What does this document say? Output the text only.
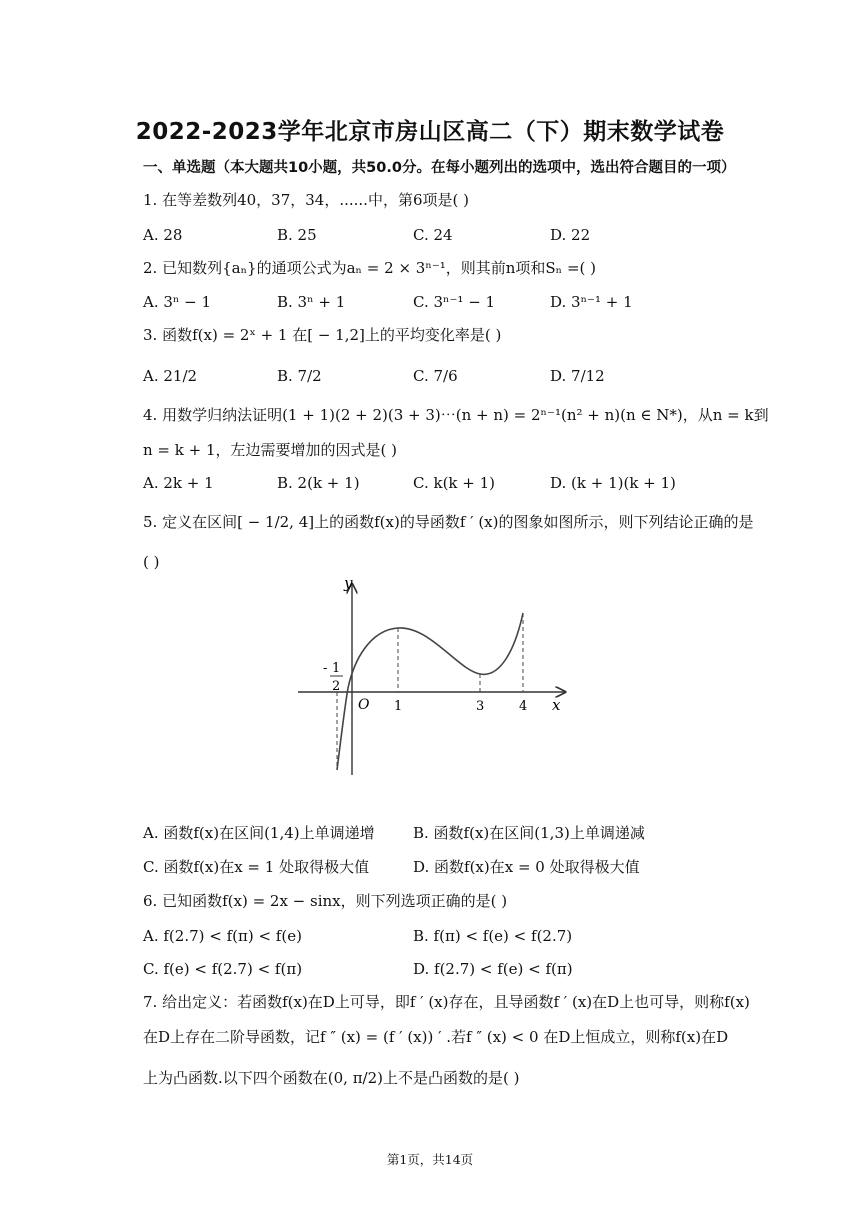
2022-2023学年北京市房山区高二（下）期末数学试卷
一、单选题（本大题共10小题，共50.0分。在每小题列出的选项中，选出符合题目的一项）
1. 在等差数列40，37，34，......中，第6项是( )
A. 28	B. 25	C. 24	D. 22
2. 已知数列{aₙ}的通项公式为aₙ = 2 × 3ⁿ⁻¹，则其前n项和Sₙ =( )
A. 3ⁿ − 1	B. 3ⁿ + 1	C. 3ⁿ⁻¹ − 1	D. 3ⁿ⁻¹ + 1
3. 函数f(x) = 2ˣ + 1 在[ − 1,2]上的平均变化率是( )
A. 21/2	B. 7/2	C. 7/6	D. 7/12
4. 用数学归纳法证明(1 + 1)(2 + 2)(3 + 3)⋯(n + n) = 2ⁿ⁻¹(n² + n)(n ∈ N*)，从n = k到
n = k + 1，左边需要增加的因式是( )
A. 2k + 1	B. 2(k + 1)	C. k(k + 1)	D. (k + 1)(k + 1)
5. 定义在区间[ − 1/2, 4]上的函数f(x)的导函数f ′ (x)的图象如图所示，则下列结论正确的是
( )
y
x
O
- 1
2
1	3	4
A. 函数f(x)在区间(1,4)上单调递增	B. 函数f(x)在区间(1,3)上单调递减
C. 函数f(x)在x = 1 处取得极大值	D. 函数f(x)在x = 0 处取得极大值
6. 已知函数f(x) = 2x − sinx，则下列选项正确的是( )
A. f(2.7) < f(π) < f(e)	B. f(π) < f(e) < f(2.7)
C. f(e) < f(2.7) < f(π)	D. f(2.7) < f(e) < f(π)
7. 给出定义：若函数f(x)在D上可导，即f ′ (x)存在，且导函数f ′ (x)在D上也可导，则称f(x)
在D上存在二阶导函数，记f ″ (x) = (f ′ (x)) ′ .若f ″ (x) < 0 在D上恒成立，则称f(x)在D
上为凸函数.以下四个函数在(0, π/2)上不是凸函数的是( )
第1页，共14页
